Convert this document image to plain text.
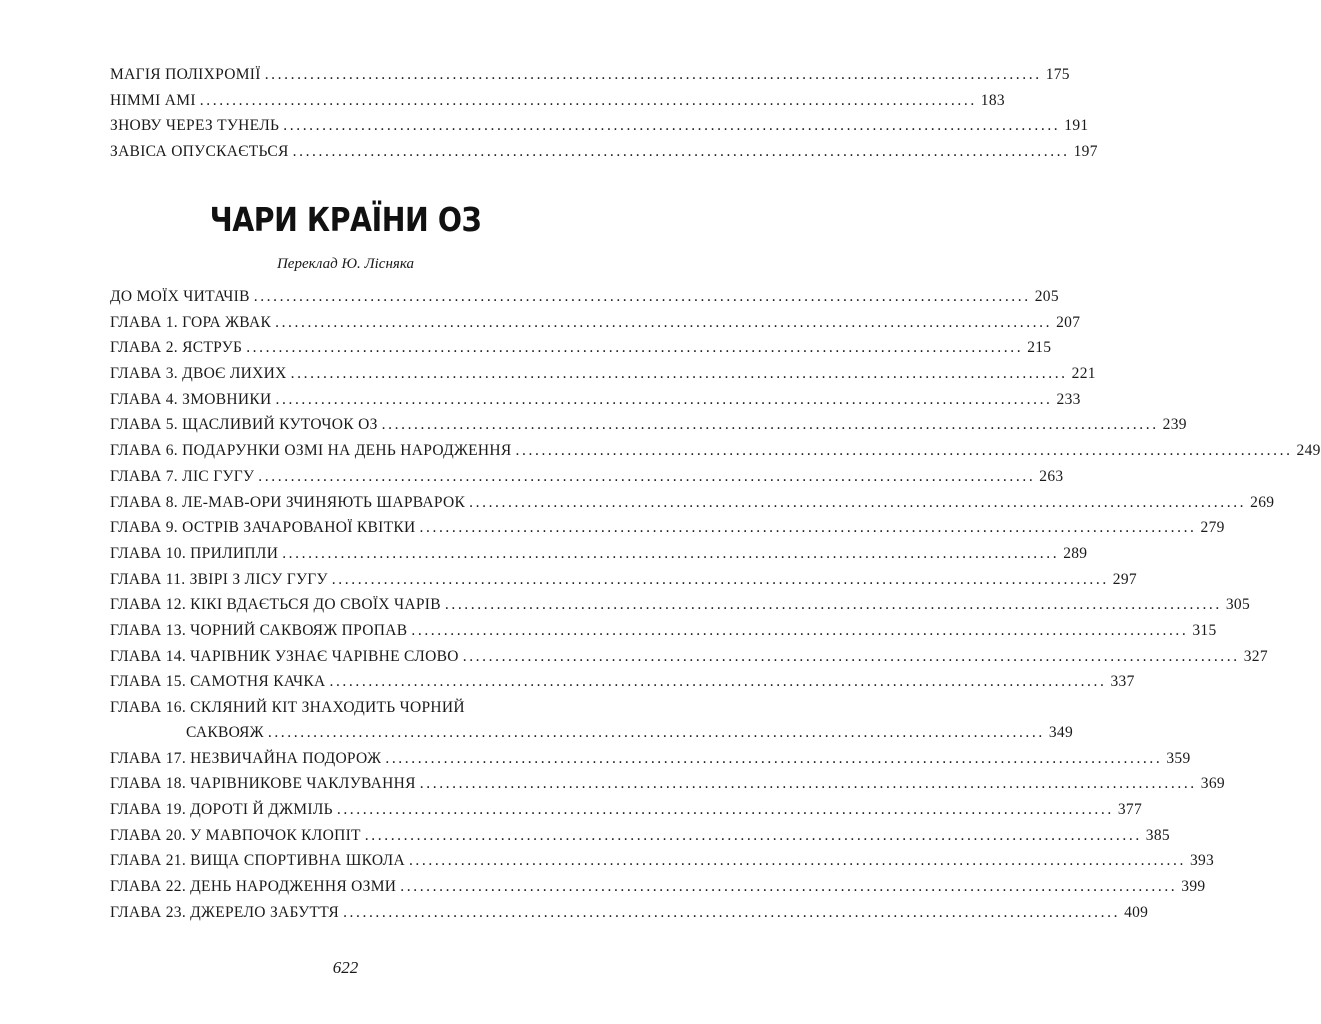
МАГІЯ ПОЛІХРОМІЇ ........................................................................................................................ 175
НІММІ АМІ ........................................................................................................................ 183
ЗНОВУ ЧЕРЕЗ ТУНЕЛЬ ........................................................................................................................ 191
ЗАВІСА ОПУСКАЄТЬСЯ ........................................................................................................................ 197
ЧАРИ КРАЇНИ ОЗ
Переклад Ю. Лісняка
ДО МОЇХ ЧИТАЧІВ ........................................................................................................................ 205
ГЛАВА 1. ГОРА ЖВАК ........................................................................................................................ 207
ГЛАВА 2. ЯСТРУБ ........................................................................................................................ 215
ГЛАВА 3. ДВОЄ ЛИХИХ ........................................................................................................................ 221
ГЛАВА 4. ЗМОВНИКИ ........................................................................................................................ 233
ГЛАВА 5. ЩАСЛИВИЙ КУТОЧОК ОЗ ........................................................................................................................ 239
ГЛАВА 6. ПОДАРУНКИ ОЗМІ НА ДЕНЬ НАРОДЖЕННЯ ........................................................................................................................ 249
ГЛАВА 7. ЛІС ГУГУ ........................................................................................................................ 263
ГЛАВА 8. ЛЕ-МАВ-ОРИ ЗЧИНЯЮТЬ ШАРВАРОК ........................................................................................................................ 269
ГЛАВА 9. ОСТРІВ ЗАЧАРОВАНОЇ КВІТКИ ........................................................................................................................ 279
ГЛАВА 10. ПРИЛИПЛИ ........................................................................................................................ 289
ГЛАВА 11. ЗВІРІ З ЛІСУ ГУГУ ........................................................................................................................ 297
ГЛАВА 12. КІКІ ВДАЄТЬСЯ ДО СВОЇХ ЧАРІВ ........................................................................................................................ 305
ГЛАВА 13. ЧОРНИЙ САКВОЯЖ ПРОПАВ ........................................................................................................................ 315
ГЛАВА 14. ЧАРІВНИК УЗНАЄ ЧАРІВНЕ СЛОВО ........................................................................................................................ 327
ГЛАВА 15. САМОТНЯ КАЧКА ........................................................................................................................ 337
ГЛАВА 16. СКЛЯНИЙ КІТ ЗНАХОДИТЬ ЧОРНИЙ
САКВОЯЖ ........................................................................................................................ 349
ГЛАВА 17. НЕЗВИЧАЙНА ПОДОРОЖ ........................................................................................................................ 359
ГЛАВА 18. ЧАРІВНИКОВЕ ЧАКЛУВАННЯ ........................................................................................................................ 369
ГЛАВА 19. ДОРОТІ Й ДЖМІЛЬ ........................................................................................................................ 377
ГЛАВА 20. У МАВПОЧОК КЛОПІТ ........................................................................................................................ 385
ГЛАВА 21. ВИЩА СПОРТИВНА ШКОЛА ........................................................................................................................ 393
ГЛАВА 22. ДЕНЬ НАРОДЖЕННЯ ОЗМИ ........................................................................................................................ 399
ГЛАВА 23. ДЖЕРЕЛО ЗАБУТТЯ ........................................................................................................................ 409
622
